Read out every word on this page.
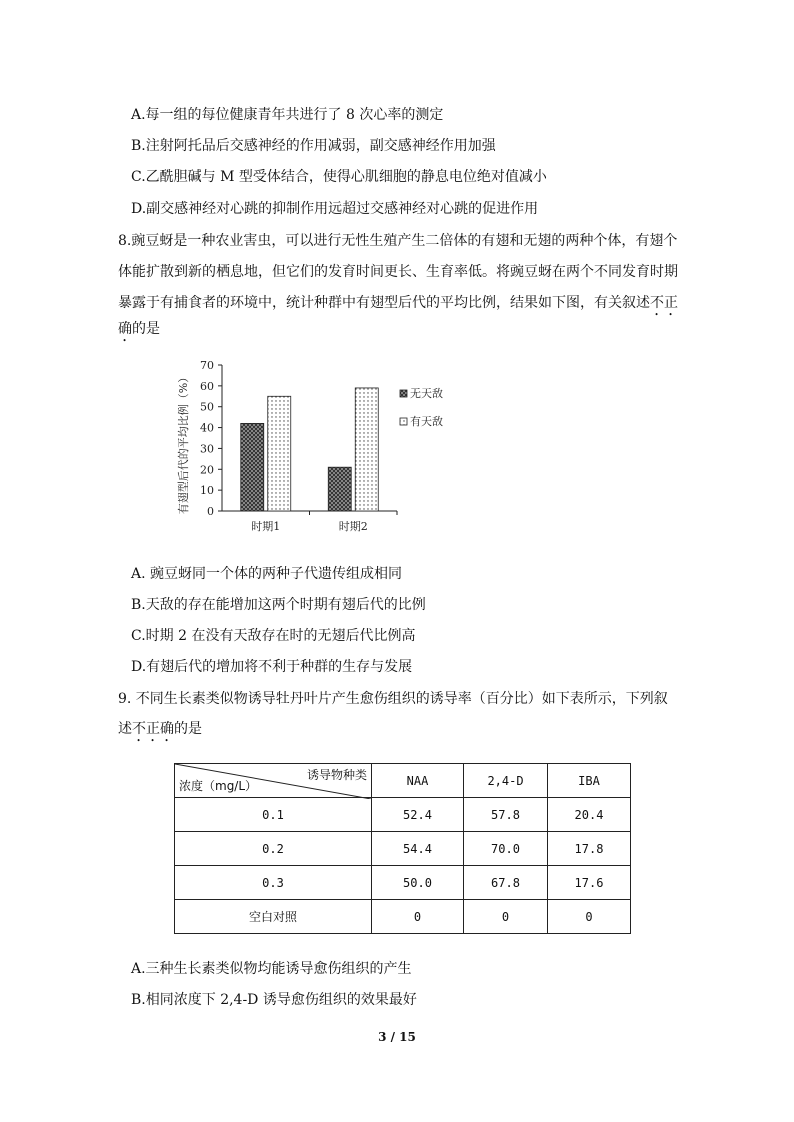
A.每一组的每位健康青年共进行了 8 次心率的测定
B.注射阿托品后交感神经的作用减弱，副交感神经作用加强
C.乙酰胆碱与 M 型受体结合，使得心肌细胞的静息电位绝对值减小
D.副交感神经对心跳的抑制作用远超过交感神经对心跳的促进作用
8.豌豆蚜是一种农业害虫，可以进行无性生殖产生二倍体的有翅和无翅的两种个体，有翅个
体能扩散到新的栖息地，但它们的发育时间更长、生育率低。将豌豆蚜在两个不同发育时期
暴露于有捕食者的环境中，统计种群中有翅型后代的平均比例，结果如下图，有关叙述不正
确的是
有翅型后代的平均比例（%） 0
10
20
30
40
50
60
70
时期1	时期2
无天敌
有天敌
A. 豌豆蚜同一个体的两种子代遗传组成相同
B.天敌的存在能增加这两个时期有翅后代的比例
C.时期 2 在没有天敌存在时的无翅后代比例高
D.有翅后代的增加将不利于种群的生存与发展
9. 不同生长素类似物诱导牡丹叶片产生愈伤组织的诱导率（百分比）如下表所示，下列叙
述不正确的是
诱导物种类
浓度（mg/L）	NAA	2,4-D	IBA
0.1	52.4	57.8	20.4
0.2	54.4	70.0	17.8
0.3	50.0	67.8	17.6
空白对照	0	0	0
A.三种生长素类似物均能诱导愈伤组织的产生
B.相同浓度下 2,4-D 诱导愈伤组织的效果最好
3 / 15
